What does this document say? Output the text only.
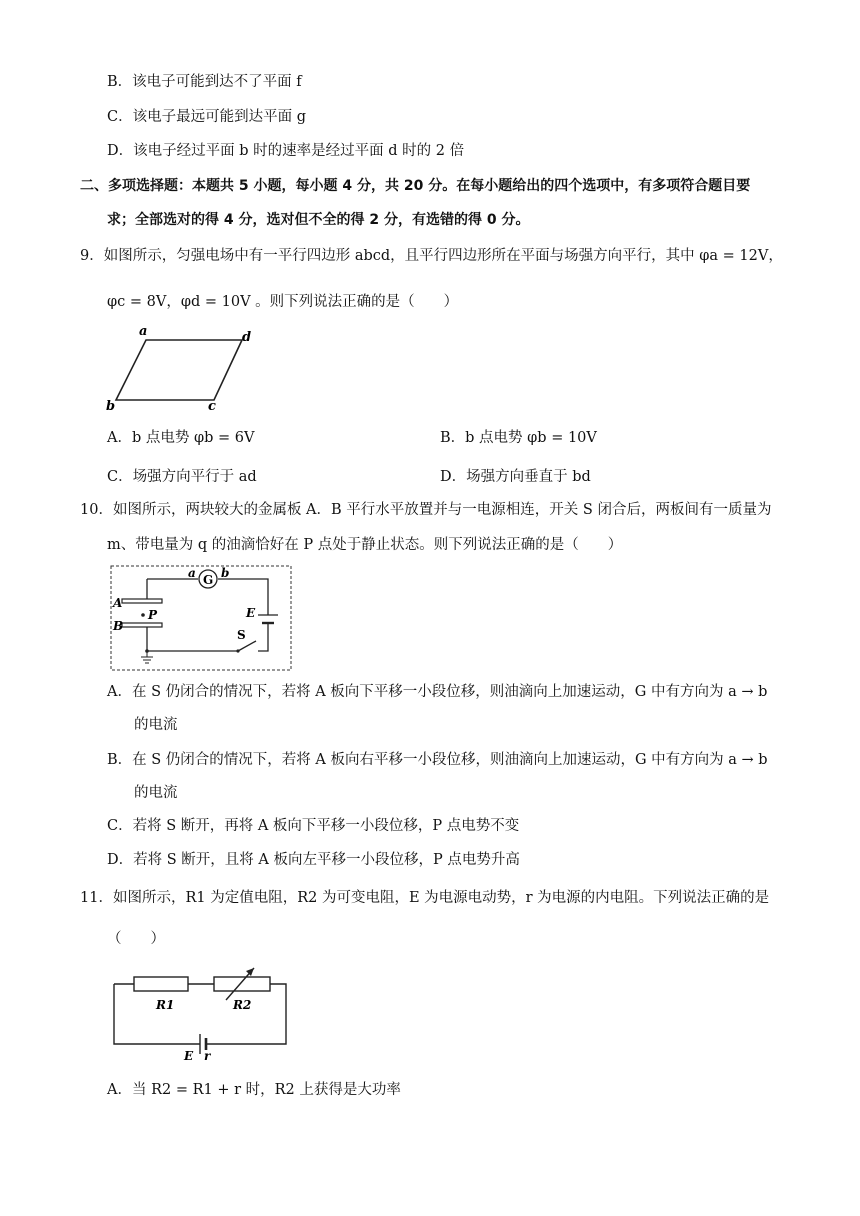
B．该电子可能到达不了平面 f
C．该电子最远可能到达平面 g
D．该电子经过平面 b 时的速率是经过平面 d 时的 2 倍
二、多项选择题：本题共 5 小题，每小题 4 分，共 20 分。在每小题给出的四个选项中，有多项符合题目要
求；全部选对的得 4 分，选对但不全的得 2 分，有选错的得 0 分。
9．如图所示，匀强电场中有一平行四边形 abcd，且平行四边形所在平面与场强方向平行，其中 φa = 12V，
φc = 8V，φd = 10V 。则下列说法正确的是（　　）
a	d
b	c
A．b 点电势 φb = 6V	B．b 点电势 φb = 10V
C．场强方向平行于 ad	D．场强方向垂直于 bd
10．如图所示，两块较大的金属板 A．B 平行水平放置并与一电源相连，开关 S 闭合后，两板间有一质量为
m、带电量为 q 的油滴恰好在 P 点处于静止状态。则下列说法正确的是（　　）
G
a b
A
B
P	E
S
A．在 S 仍闭合的情况下，若将 A 板向下平移一小段位移，则油滴向上加速运动，G 中有方向为 a → b
的电流
B．在 S 仍闭合的情况下，若将 A 板向右平移一小段位移，则油滴向上加速运动，G 中有方向为 a → b
的电流
C．若将 S 断开，再将 A 板向下平移一小段位移，P 点电势不变
D．若将 S 断开，且将 A 板向左平移一小段位移，P 点电势升高
11．如图所示，R1 为定值电阻，R2 为可变电阻，E 为电源电动势，r 为电源的内电阻。下列说法正确的是
（　　）
R1	R2
E r
A．当 R2 = R1 + r 时，R2 上获得是大功率
